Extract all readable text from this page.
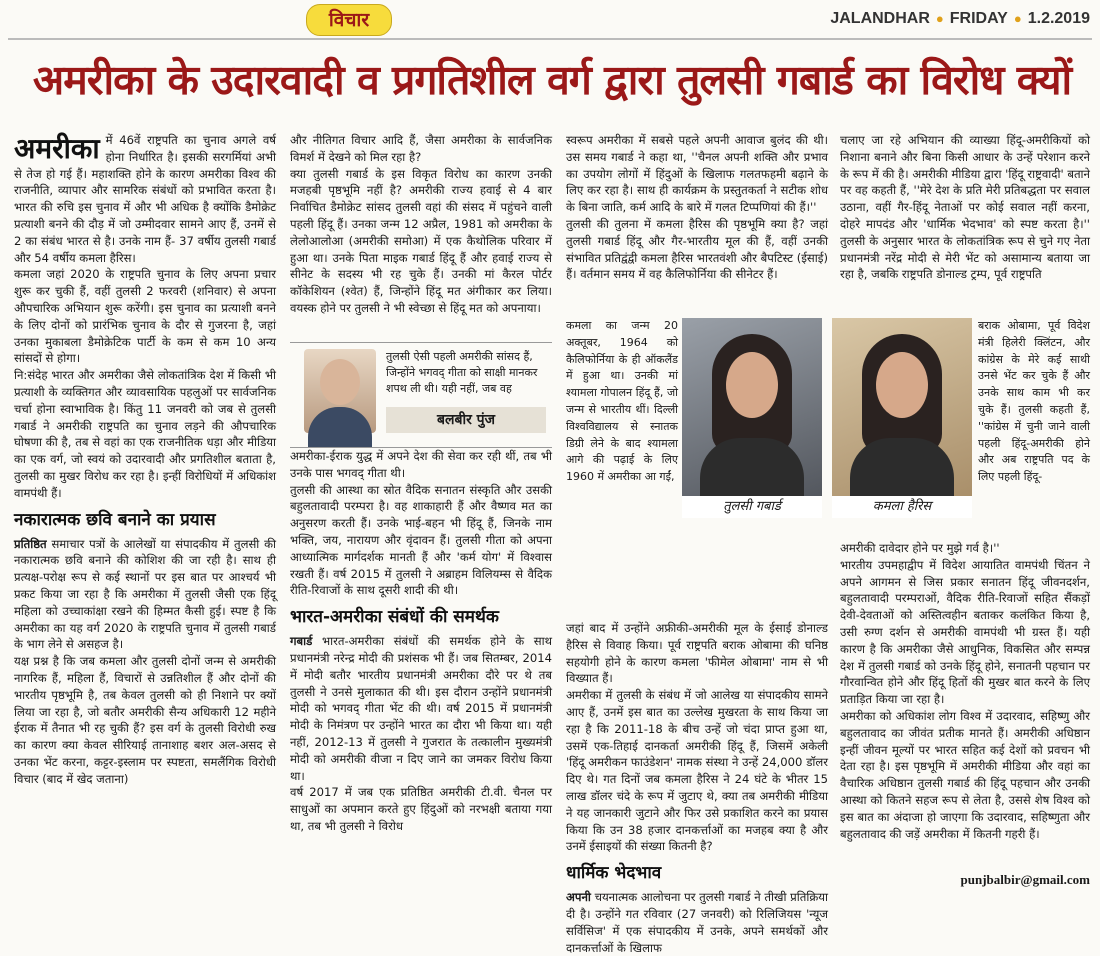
विचार	JALANDHAR ● FRIDAY ● 1.2.2019
अमरीका के उदारवादी व प्रगतिशील वर्ग द्वारा तुलसी गबार्ड का विरोध क्यों
अमरीका में 46वें राष्ट्रपति का चुनाव अगले वर्ष होना निर्धारित है। इसकी सरगर्मियां अभी से तेज हो गई हैं। महाशक्ति होने के कारण अमरीका विश्व की राजनीति, व्यापार और सामरिक संबंधों को प्रभावित करता है। भारत की रुचि इस चुनाव में और भी अधिक है क्योंकि डैमोक्रेट प्रत्याशी बनने की दौड़ में जो उम्मीदवार सामने आए हैं, उनमें से 2 का संबंध भारत से है। उनके नाम हैं- 37 वर्षीय तुलसी गबार्ड और 54 वर्षीय कमला हैरिस।

कमला जहां 2020 के राष्ट्रपति चुनाव के लिए अपना प्रचार शुरू कर चुकी हैं, वहीं तुलसी 2 फरवरी (शनिवार) से अपना औपचारिक अभियान शुरू करेंगी। इस चुनाव का प्रत्याशी बनने के लिए दोनों को प्रारंभिक चुनाव के दौर से गुजरना है, जहां उनका मुकाबला डैमोक्रेटिक पार्टी के कम से कम 10 अन्य सांसदों से होगा।

नि:संदेह भारत और अमरीका जैसे लोकतांत्रिक देश में किसी भी प्रत्याशी के व्यक्तिगत और व्यावसायिक पहलुओं पर सार्वजनिक चर्चा होना स्वाभाविक है। किंतु 11 जनवरी को जब से तुलसी गबार्ड ने अमरीकी राष्ट्रपति का चुनाव लड़ने की औपचारिक घोषणा की है, तब से वहां का एक राजनीतिक धड़ा और मीडिया का एक वर्ग, जो स्वयं को उदारवादी और प्रगतिशील बताता है, तुलसी का मुखर विरोध कर रहा है। इन्हीं विरोधियों में अधिकांश वामपंथी हैं।

नकारात्मक छवि बनाने का प्रयास

प्रतिष्ठित समाचार पत्रों के आलेखों या संपादकीय में तुलसी की नकारात्मक छवि बनाने की कोशिश की जा रही है। साथ ही प्रत्यक्ष-परोक्ष रूप से कई स्थानों पर इस बात पर आश्चर्य भी प्रकट किया जा रहा है कि अमरीका में तुलसी जैसी एक हिंदू महिला को उच्चाकांक्षा रखने की हिम्मत कैसी हुई। स्पष्ट है कि अमरीका का यह वर्ग 2020 के राष्ट्रपति चुनाव में तुलसी गबार्ड के भाग लेने से असहज है।

यक्ष प्रश्न है कि जब कमला और तुलसी दोनों जन्म से अमरीकी नागरिक हैं, महिला हैं, विचारों से उन्नतिशील हैं और दोनों की भारतीय पृष्ठभूमि है, तब केवल तुलसी को ही निशाने पर क्यों लिया जा रहा है, जो बतौर अमरीकी सैन्य अधिकारी 12 महीने ईराक में तैनात भी रह चुकी हैं? इस वर्ग के तुलसी विरोधी रुख का कारण क्या केवल सीरियाई तानाशाह बशर अल-असद से उनका भेंट करना, कट्टर-इस्लाम पर स्पष्टता, समलैंगिक विरोधी विचार (बाद में खेद जताना)

और नीतिगत विचार आदि हैं, जैसा अमरीका के सार्वजनिक विमर्श में देखने को मिल रहा है?

क्या तुलसी गबार्ड के इस विकृत विरोध का कारण उनकी मजहबी पृष्ठभूमि नहीं है? अमरीकी राज्य हवाई से 4 बार निर्वाचित डैमोक्रेट सांसद तुलसी वहां की संसद में पहुंचने वाली पहली हिंदू हैं। उनका जन्म 12 अप्रैल, 1981 को अमरीका के लेलोआलोआ (अमरीकी समोआ) में एक कैथोलिक परिवार में हुआ था। उनके पिता माइक गबार्ड हिंदू हैं और हवाई राज्य से सीनेट के सदस्य भी रह चुके हैं। उनकी मां कैरल पोर्टर कॉकेशियन (श्वेत) हैं, जिन्होंने हिंदू मत अंगीकार कर लिया। वयस्क होने पर तुलसी ने भी स्वेच्छा से हिंदू मत को अपनाया।

तुलसी ऐसी पहली अमरीकी सांसद हैं, जिन्होंने भगवद् गीता को साक्षी मानकर शपथ ली थी। यही नहीं, जब वह
बलबीर पुंज

अमरीका-ईराक युद्ध में अपने देश की सेवा कर रही थीं, तब भी उनके पास भगवद् गीता थी।

तुलसी की आस्था का स्रोत वैदिक सनातन संस्कृति और उसकी बहुलतावादी परम्परा है। वह शाकाहारी हैं और वैष्णव मत का अनुसरण करती हैं। उनके भाई-बहन भी हिंदू हैं, जिनके नाम भक्ति, जय, नारायण और वृंदावन हैं। तुलसी गीता को अपना आध्यात्मिक मार्गदर्शक मानती हैं और 'कर्म योग' में विश्वास रखती हैं। वर्ष 2015 में तुलसी ने अब्राहम विलियम्स से वैदिक रीति-रिवाजों के साथ दूसरी शादी की थी।

भारत-अमरीका संबंधों की समर्थक

गबार्ड भारत-अमरीका संबंधों की समर्थक होने के साथ प्रधानमंत्री नरेन्द्र मोदी की प्रशंसक भी हैं। जब सितम्बर, 2014 में मोदी बतौर भारतीय प्रधानमंत्री अमरीका दौरे पर थे तब तुलसी ने उनसे मुलाकात की थी। इस दौरान उन्होंने प्रधानमंत्री मोदी को भगवद् गीता भेंट की थी। वर्ष 2015 में प्रधानमंत्री मोदी के निमंत्रण पर उन्होंने भारत का दौरा भी किया था। यही नहीं, 2012-13 में तुलसी ने गुजरात के तत्कालीन मुख्यमंत्री मोदी को अमरीकी वीजा न दिए जाने का जमकर विरोध किया था।

वर्ष 2017 में जब एक प्रतिष्ठित अमरीकी टी.वी. चैनल पर साधुओं का अपमान करते हुए हिंदुओं को नरभक्षी बताया गया था, तब भी तुलसी ने विरोध

स्वरूप अमरीका में सबसे पहले अपनी आवाज बुलंद की थी। उस समय गबार्ड ने कहा था, ''चैनल अपनी शक्ति और प्रभाव का उपयोग लोगों में हिंदुओं के खिलाफ गलतफहमी बढ़ाने के लिए कर रहा है। साथ ही कार्यक्रम के प्रस्तुतकर्ता ने सटीक शोध के बिना जाति, कर्म आदि के बारे में गलत टिप्पणियां की हैं।''

तुलसी की तुलना में कमला हैरिस की पृष्ठभूमि क्या है? जहां तुलसी गबार्ड हिंदू और गैर-भारतीय मूल की हैं, वहीं उनकी संभावित प्रतिद्वंद्वी कमला हैरिस भारतवंशी और बैपटिस्ट (ईसाई) हैं। वर्तमान समय में वह कैलिफोर्निया की सीनेटर हैं।

कमला का जन्म 20 अक्तूबर, 1964 को कैलिफोर्निया के ही ऑकलैंड में हुआ था। उनकी मां श्यामला गोपालन हिंदू हैं, जो जन्म से भारतीय थीं। दिल्ली विश्वविद्यालय से स्नातक डिग्री लेने के बाद श्यामला आगे की पढ़ाई के लिए 1960 में अमरीका आ गईं,

जहां बाद में उन्होंने अफ्रीकी-अमरीकी मूल के ईसाई डोनाल्ड हैरिस से विवाह किया। पूर्व राष्ट्रपति बराक ओबामा की घनिष्ठ सहयोगी होने के कारण कमला 'फीमेल ओबामा' नाम से भी विख्यात हैं।

अमरीका में तुलसी के संबंध में जो आलेख या संपादकीय सामने आए हैं, उनमें इस बात का उल्लेख मुखरता के साथ किया जा रहा है कि 2011-18 के बीच उन्हें जो चंदा प्राप्त हुआ था, उसमें एक-तिहाई दानकर्ता अमरीकी हिंदू हैं, जिसमें अकेली 'हिंदू अमरीकन फाउंडेशन' नामक संस्था ने उन्हें 24,000 डॉलर दिए थे। गत दिनों जब कमला हैरिस ने 24 घंटे के भीतर 15 लाख डॉलर चंदे के रूप में जुटाए थे, क्या तब अमरीकी मीडिया ने यह जानकारी जुटाने और फिर उसे प्रकाशित करने का प्रयास किया कि उन 38 हजार दानकर्त्ताओं का मजहब क्या है और उनमें ईसाइयों की संख्या कितनी है?

धार्मिक भेदभाव

अपनी चयनात्मक आलोचना पर तुलसी गबार्ड ने तीखी प्रतिक्रिया दी है। उन्होंने गत रविवार (27 जनवरी) को रिलिजियस 'न्यूज सर्विसिज' में एक संपादकीय में उनके, अपने समर्थकों और दानकर्त्ताओं के खिलाफ

तुलसी गबार्ड	कमला हैरिस

चलाए जा रहे अभियान की व्याख्या हिंदू-अमरीकियों को निशाना बनाने और बिना किसी आधार के उन्हें परेशान करने के रूप में की है। अमरीकी मीडिया द्वारा 'हिंदू राष्ट्रवादी' बताने पर वह कहती हैं, ''मेरे देश के प्रति मेरी प्रतिबद्धता पर सवाल उठाना, वहीं गैर-हिंदू नेताओं पर कोई सवाल नहीं करना, दोहरे मापदंड और 'धार्मिक भेदभाव' को स्पष्ट करता है।'' तुलसी के अनुसार भारत के लोकतांत्रिक रूप से चुने गए नेता प्रधानमंत्री नरेंद्र मोदी से मेरी भेंट को असामान्य बताया जा रहा है, जबकि राष्ट्रपति डोनाल्ड ट्रम्प, पूर्व राष्ट्रपति

बराक ओबामा, पूर्व विदेश मंत्री हिलेरी क्लिंटन, और कांग्रेस के मेरे कई साथी उनसे भेंट कर चुके हैं और उनके साथ काम भी कर चुके हैं। तुलसी कहती हैं, ''कांग्रेस में चुनी जाने वाली पहली हिंदू-अमरीकी होने और अब राष्ट्रपति पद के लिए पहली हिंदू-

अमरीकी दावेदार होने पर मुझे गर्व है।''

भारतीय उपमहाद्वीप में विदेश आयातित वामपंथी चिंतन ने अपने आगमन से जिस प्रकार सनातन हिंदू जीवनदर्शन, बहुलतावादी परम्पराओं, वैदिक रीति-रिवाजों सहित सैंकड़ों देवी-देवताओं को अस्तित्वहीन बताकर कलंकित किया है, उसी रुग्ण दर्शन से अमरीकी वामपंथी भी ग्रस्त हैं। यही कारण है कि अमरीका जैसे आधुनिक, विकसित और सम्पन्न देश में तुलसी गबार्ड को उनके हिंदू होने, सनातनी पहचान पर गौरवान्वित होने और हिंदू हितों की मुखर बात करने के लिए प्रताड़ित किया जा रहा है।

अमरीका को अधिकांश लोग विश्व में उदारवाद, सहिष्णु और बहुलतावाद का जीवंत प्रतीक मानते हैं। अमरीकी अधिष्ठान इन्हीं जीवन मूल्यों पर भारत सहित कई देशों को प्रवचन भी देता रहा है। इस पृष्ठभूमि में अमरीकी मीडिया और वहां का वैचारिक अधिष्ठान तुलसी गबार्ड की हिंदू पहचान और उनकी आस्था को कितने सहज रूप से लेता है, उससे शेष विश्व को इस बात का अंदाजा हो जाएगा कि उदारवाद, सहिष्णुता और बहुलतावाद की जड़ें अमरीका में कितनी गहरी हैं।

punjbalbir@gmail.com
